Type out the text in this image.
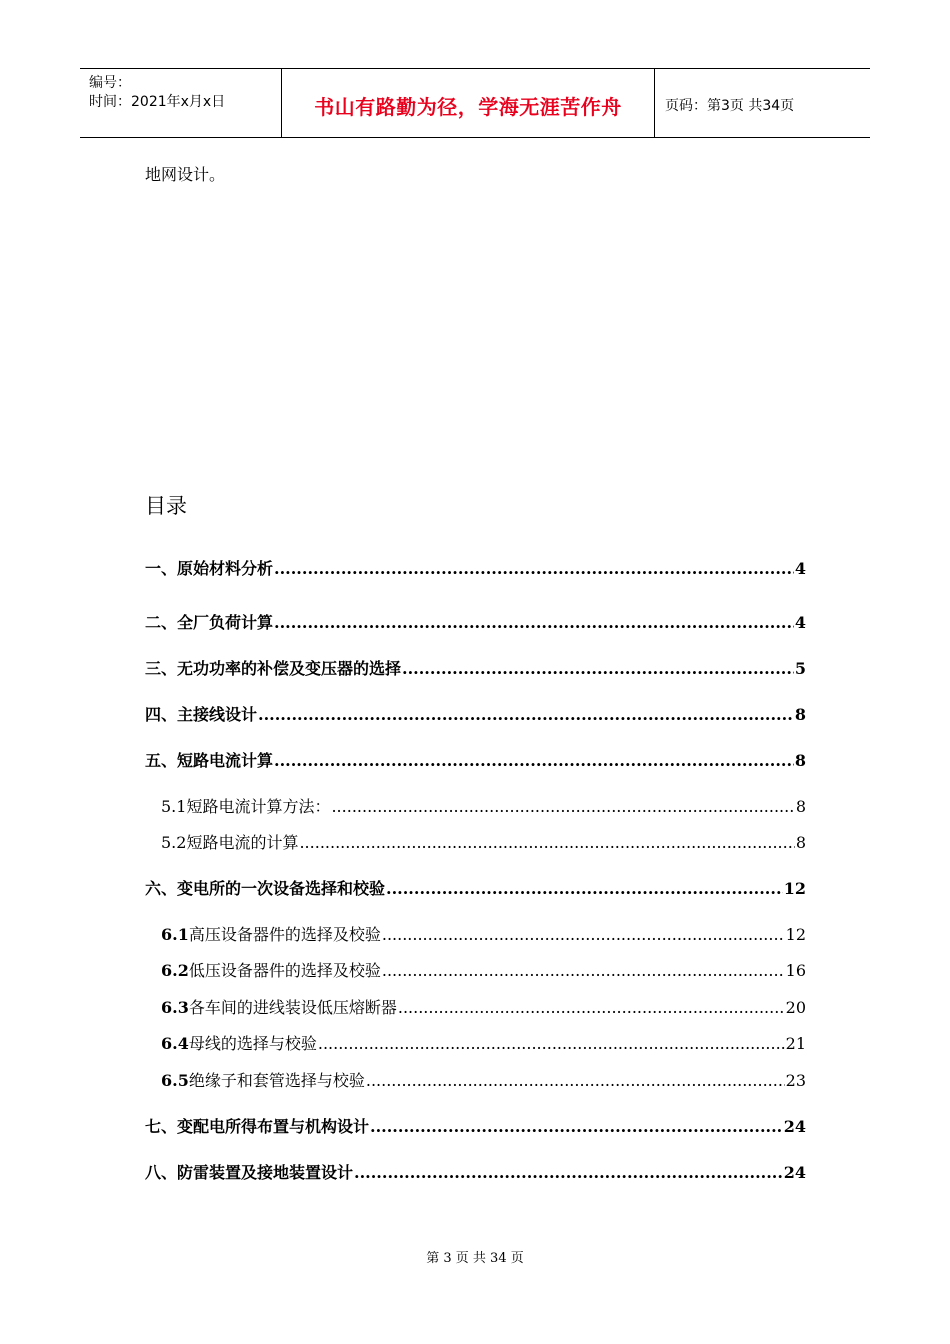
编号：
时间：2021年x月x日	书山有路勤为径，学海无涯苦作舟	页码：第3页 共34页
地网设计。
目录
一、原始材料分析 .....	4
二、全厂负荷计算 .....	4
三、无功功率的补偿及变压器的选择 .....	5
四、主接线设计 .....	8
五、短路电流计算 .....	8
5.1 短路电流计算方法： .....	8
5.2 短路电流的计算 .....	8
六、变电所的一次设备选择和校验 .....	12
6.1 高压设备器件的选择及校验 .....	12
6.2 低压设备器件的选择及校验 .....	16
6.3 各车间的进线装设低压熔断器 .....	20
6.4 母线的选择与校验 .....	21
6.5 绝缘子和套管选择与校验 .....	23
七、变配电所得布置与机构设计 .....	24
八、防雷装置及接地装置设计 .....	24
第 3 页 共 34 页
